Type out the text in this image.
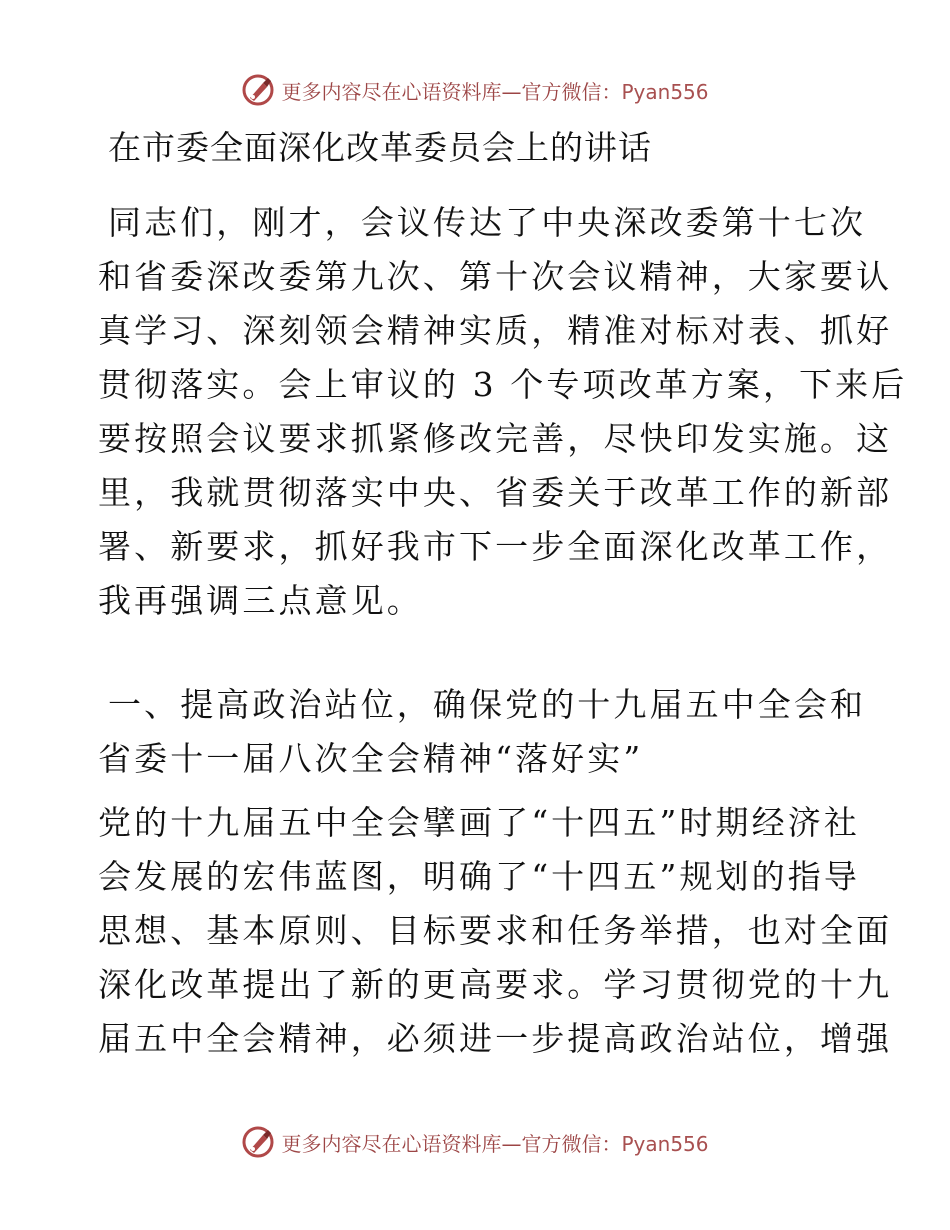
更多内容尽在心语资料库—官方微信：Pyan556
在市委全面深化改革委员会上的讲话
同志们，刚才，会议传达了中央深改委第十七次
和省委深改委第九次、第十次会议精神，大家要认
真学习、深刻领会精神实质，精准对标对表、抓好
贯彻落实。会上审议的 3 个专项改革方案，下来后
要按照会议要求抓紧修改完善，尽快印发实施。这
里，我就贯彻落实中央、省委关于改革工作的新部
署、新要求，抓好我市下一步全面深化改革工作，
我再强调三点意见。
一、提高政治站位，确保党的十九届五中全会和
省委十一届八次全会精神“落好实”
党的十九届五中全会擘画了“十四五”时期经济社
会发展的宏伟蓝图，明确了“十四五”规划的指导
思想、基本原则、目标要求和任务举措，也对全面
深化改革提出了新的更高要求。学习贯彻党的十九
届五中全会精神，必须进一步提高政治站位，增强
更多内容尽在心语资料库—官方微信：Pyan556
